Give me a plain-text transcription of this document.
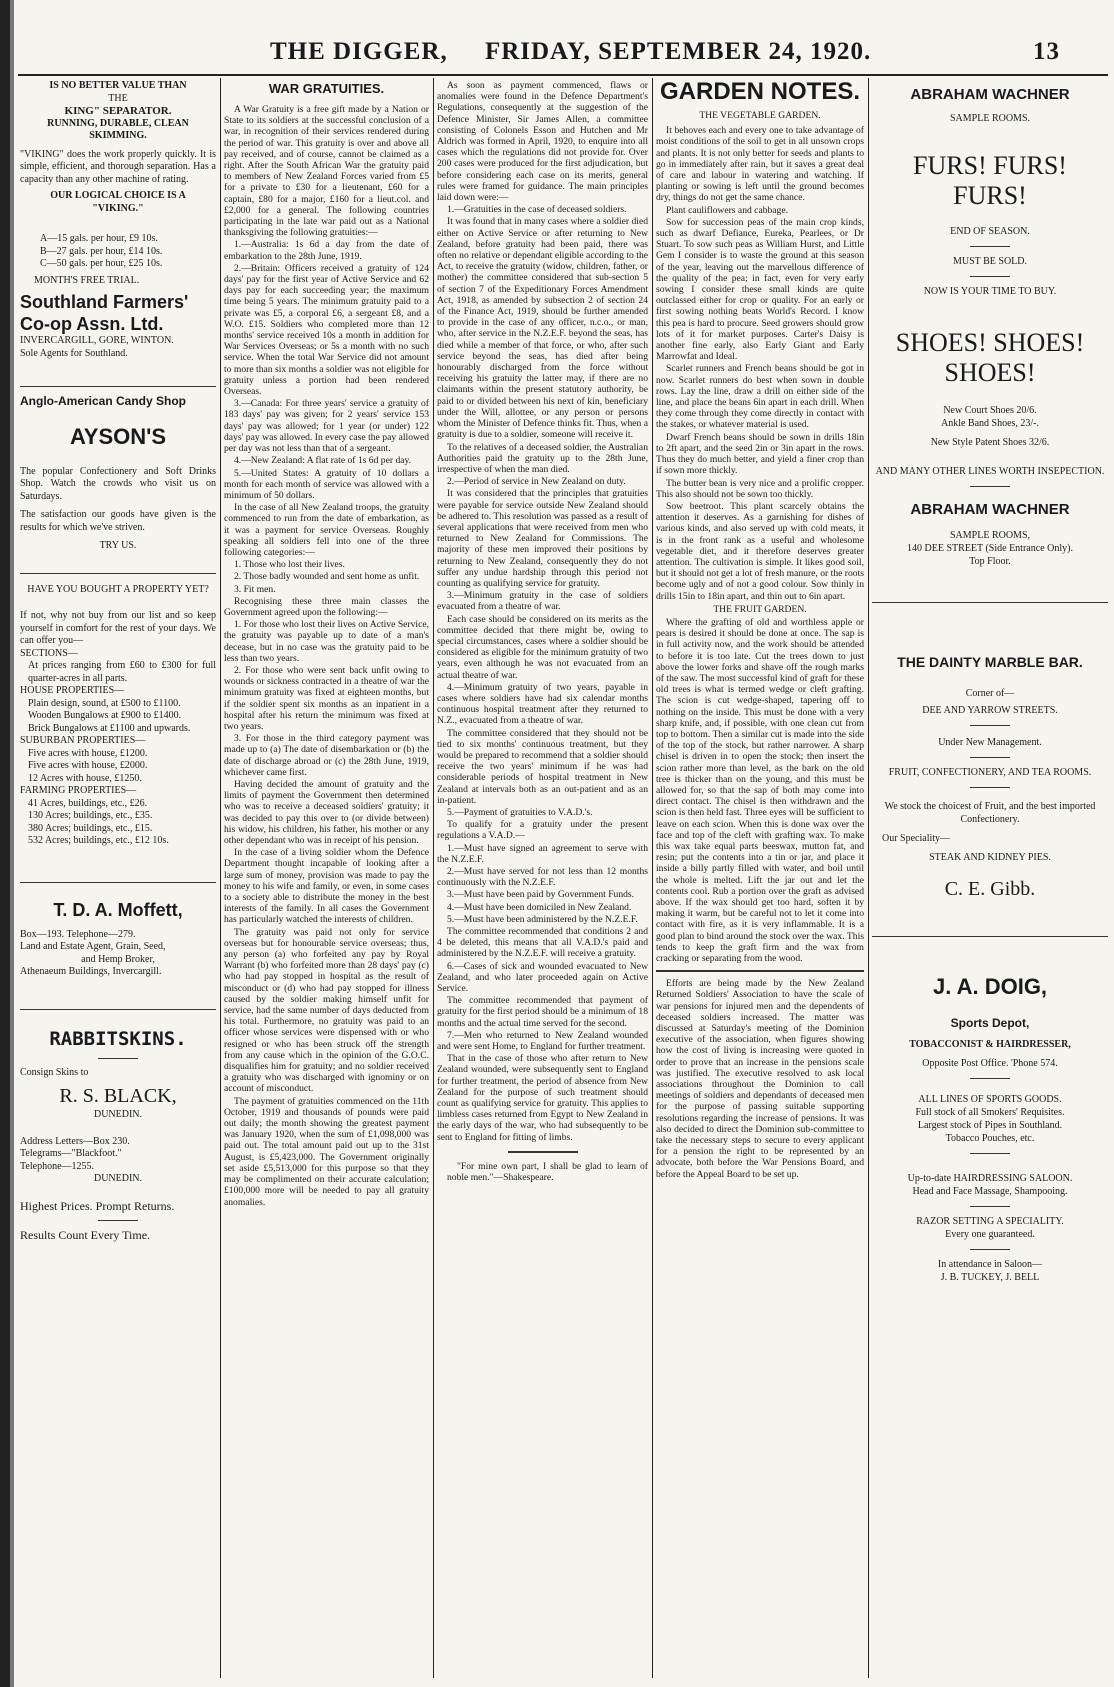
THE DIGGER, FRIDAY, SEPTEMBER 24, 1920.	13
IS NO BETTER VALUE THAN
THE
KING" SEPARATOR.
RUNNING, DURABLE, CLEAN SKIMMING.
"VIKING" does the work properly quickly. It is simple, efficient, and thorough separation. Has a capacity than any other machine of rating.
OUR LOGICAL CHOICE IS A
"VIKING."
A—15 gals. per hour, £9 10s.
B—27 gals. per hour, £14 10s.
C—50 gals. per hour, £25 10s.
MONTH'S FREE TRIAL.
Southland Farmers'
Co-op Assn. Ltd.
INVERCARGILL, GORE, WINTON.
Sole Agents for Southland.
Anglo-American Candy Shop
AYSON'S
The popular Confectionery and Soft Drinks Shop. Watch the crowds who visit us on Saturdays.
The satisfaction our goods have given is the results for which we've striven.
TRY US.
HAVE YOU BOUGHT A PROPERTY YET?
If not, why not buy from our list and so keep yourself in comfort for the rest of your days. We can offer you—
SECTIONS—
At prices ranging from £60 to £300 for full quarter-acres in all parts.
HOUSE PROPERTIES—
Plain design, sound, at £500 to £1100.
Wooden Bungalows at £900 to £1400.
Brick Bungalows at £1100 and upwards.
SUBURBAN PROPERTIES—
Five acres with house, £1200.
Five acres with house, £2000.
12 Acres with house, £1250.
FARMING PROPERTIES—
41 Acres, buildings, etc., £26.
130 Acres; buildings, etc., £35.
380 Acres; buildings, etc., £15.
532 Acres; buildings, etc., £12 10s.
T. D. A. Moffett,
Box—193. Telephone—279.
Land and Estate Agent, Grain, Seed,
and Hemp Broker,
Athenaeum Buildings, Invercargill.
RABBITSKINS.
Consign Skins to
R. S. BLACK,
DUNEDIN.
Address Letters—Box 230.
Telegrams—"Blackfoot."
Telephone—1255.
DUNEDIN.
Highest Prices. Prompt Returns.
Results Count Every Time.
WAR GRATUITIES.

A War Gratuity is a free gift made by a Nation or State to its soldiers at the successful conclusion of a war, in recognition of their services rendered during the period of war. This gratuity is over and above all pay received, and of course, cannot be claimed as a right. After the South African War the gratuity paid to members of New Zealand Forces varied from £5 for a private to £30 for a lieutenant, £60 for a captain, £80 for a major, £160 for a lieut.col. and £2,000 for a general. The following countries participating in the late war paid out as a National thanksgiving the following gratuities:—

1.—Australia: 1s 6d a day from the date of embarkation to the 28th June, 1919.

2.—Britain: Officers received a gratuity of 124 days' pay for the first year of Active Service and 62 days pay for each succeeding year; the maximum time being 5 years. The minimum gratuity paid to a private was £5, a corporal £6, a sergeant £8, and a W.O. £15. Soldiers who completed more than 12 months' service received 10s a month in addition for War Services Overseas; or 5s a month with no such service. When the total War Service did not amount to more than six months a soldier was not eligible for gratuity unless a portion had been rendered Overseas.

3.—Canada: For three years' service a gratuity of 183 days' pay was given; for 2 years' service 153 days' pay was allowed; for 1 year (or under) 122 days' pay was allowed. In every case the pay allowed per day was not less than that of a sergeant.

4.—New Zealand: A flat rate of 1s 6d per day.

5.—United States: A gratuity of 10 dollars a month for each month of service was allowed with a minimum of 50 dollars.

In the case of all New Zealand troops, the gratuity commenced to run from the date of embarkation, as it was a payment for service Overseas. Roughly speaking all soldiers fell into one of the three following categories:—

1. Those who lost their lives.

2. Those badly wounded and sent home as unfit.

3. Fit men.

Recognising these three main classes the Government agreed upon the following:—

1. For those who lost their lives on Active Service, the gratuity was payable up to date of a man's decease, but in no case was the gratuity paid to be less than two years.

2. For those who were sent back unfit owing to wounds or sickness contracted in a theatre of war the minimum gratuity was fixed at eighteen months, but if the soldier spent six months as an inpatient in a hospital after his return the minimum was fixed at two years.

3. For those in the third category payment was made up to (a) The date of disembarkation or (b) the date of discharge abroad or (c) the 28th June, 1919, whichever came first.

Having decided the amount of gratuity and the limits of payment the Government then determined who was to receive a deceased soldiers' gratuity; it was decided to pay this over to (or divide between) his widow, his children, his father, his mother or any other dependant who was in receipt of his pension.

In the case of a living soldier whom the Defence Department thought incapable of looking after a large sum of money, provision was made to pay the money to his wife and family, or even, in some cases to a society able to distribute the money in the best interests of the family. In all cases the Government has particularly watched the interests of children.

The gratuity was paid not only for service overseas but for honourable service overseas; thus, any person (a) who forfeited any pay by Royal Warrant (b) who forfeited more than 28 days' pay (c) who had pay stopped in hospital as the result of misconduct or (d) who had pay stopped for illness caused by the soldier making himself unfit for service, had the same number of days deducted from his total. Furthermore, no gratuity was paid to an officer whose services were dispensed with or who resigned or who has been struck off the strength from any cause which in the opinion of the G.O.C. disqualifies him for gratuity; and no soldier received a gratuity who was discharged with ignominy or on account of misconduct.

The payment of gratuities commenced on the 11th October, 1919 and thousands of pounds were paid out daily; the month showing the greatest payment was January 1920, when the sum of £1,098,000 was paid out. The total amount paid out up to the 31st August, is £5,423,000. The Government originally set aside £5,513,000 for this purpose so that they may be complimented on their accurate calculation; £100,000 more will be needed to pay all gratuity anomalies.

As soon as payment commenced, flaws or anomalies were found in the Defence Department's Regulations, consequently at the suggestion of the Defence Minister, Sir James Allen, a committee consisting of Colonels Esson and Hutchen and Mr Aldrich was formed in April, 1920, to enquire into all cases which the regulations did not provide for. Over 200 cases were produced for the first adjudication, but before considering each case on its merits, general rules were framed for guidance. The main principles laid down were:—

1.—Gratuities in the case of deceased soldiers.

It was found that in many cases where a soldier died either on Active Service or after returning to New Zealand, before gratuity had been paid, there was often no relative or dependant eligible according to the Act, to receive the gratuity (widow, children, father, or mother) the committee considered that sub-section 5 of section 7 of the Expeditionary Forces Amendment Act, 1918, as amended by subsection 2 of section 24 of the Finance Act, 1919, should be further amended to provide in the case of any officer, n.c.o., or man, who, after service in the N.Z.E.F. beyond the seas, has died while a member of that force, or who, after such service beyond the seas, has died after being honourably discharged from the force without receiving his gratuity the latter may, if there are no claimants within the present statutory authority, be paid to or divided between his next of kin, beneficiary under the Will, allottee, or any person or persons whom the Minister of Defence thinks fit. Thus, when a gratuity is due to a soldier, someone will receive it.

To the relatives of a deceased soldier, the Australian Authorities paid the gratuity up to the 28th June, irrespective of when the man died.

2.—Period of service in New Zealand on duty.

It was considered that the principles that gratuities were payable for service outside New Zealand should be adhered to. This resolution was passed as a result of several applications that were received from men who returned to New Zealand for Commissions. The majority of these men improved their positions by returning to New Zealand, consequently they do not suffer any undue hardship through this period not counting as qualifying service for gratuity.

3.—Minimum gratuity in the case of soldiers evacuated from a theatre of war.

Each case should be considered on its merits as the committee decided that there might be, owing to special circumstances, cases where a soldier should be considered as eligible for the minimum gratuity of two years, even although he was not evacuated from an actual theatre of war.

4.—Minimum gratuity of two years, payable in cases where soldiers have had six calendar months continuous hospital treatment after they returned to N.Z., evacuated from a theatre of war.

The committee considered that they should not be tied to six months' continuous treatment, but they would be prepared to recommend that a soldier should receive the two years' minimum if he was had considerable periods of hospital treatment in New Zealand at intervals both as an out-patient and as an in-patient.

5.—Payment of gratuities to V.A.D.'s.

To qualify for a gratuity under the present regulations a V.A.D.—

1.—Must have signed an agreement to serve with the N.Z.E.F.

2.—Must have served for not less than 12 months continuously with the N.Z.E.F.

3.—Must have been paid by Government Funds.

4.—Must have been domiciled in New Zealand.

5.—Must have been administered by the N.Z.E.F.

The committee recommended that conditions 2 and 4 be deleted, this means that all V.A.D.'s paid and administered by the N.Z.E.F. will receive a gratuity.

6.—Cases of sick and wounded evacuated to New Zealand, and who later proceeded again on Active Service.

The committee recommended that payment of gratuity for the first period should be a minimum of 18 months and the actual time served for the second.

7.—Men who returned to New Zealand wounded and were sent Home, to England for further treatment.

That in the case of those who after return to New Zealand wounded, were subsequently sent to England for further treatment, the period of absence from New Zealand for the purpose of such treatment should count as qualifying service for gratuity. This applies to limbless cases returned from Egypt to New Zealand in the early days of the war, who had subsequently to be sent to England for fitting of limbs.

"For mine own part, I shall be glad to learn of noble men."—Shakespeare.

GARDEN NOTES.
THE VEGETABLE GARDEN.

It behoves each and every one to take advantage of moist conditions of the soil to get in all unsown crops and plants. It is not only better for seeds and plants to go in immediately after rain, but it saves a great deal of care and labour in watering and watching. If planting or sowing is left until the ground becomes dry, things do not get the same chance.

Plant cauliflowers and cabbage.

Sow for succession peas of the main crop kinds, such as dwarf Defiance, Eureka, Pearlees, or Dr Stuart. To sow such peas as William Hurst, and Little Gem I consider is to waste the ground at this season of the year, leaving out the marvellous difference of the quality of the pea; in fact, even for very early sowing I consider these small kinds are quite outclassed either for crop or quality. For an early or first sowing nothing beats World's Record. I know this pea is hard to procure. Seed growers should grow lots of it for market purposes. Carter's Daisy is another fine early, also Early Giant and Early Marrowfat and Ideal.

Scarlet runners and French beans should be got in now. Scarlet runners do best when sown in double rows. Lay the line, draw a drill on either side of the line, and place the beans 6in apart in each drill. When they come through they come directly in contact with the stakes, or whatever material is used.

Dwarf French beans should be sown in drills 18in to 2ft apart, and the seed 2in or 3in apart in the rows. Thus they do much better, and yield a finer crop than if sown more thickly.

The butter bean is very nice and a prolific cropper. This also should not be sown too thickly.

Sow beetroot. This plant scarcely obtains the attention it deserves. As a garnishing for dishes of various kinds, and also served up with cold meats, it is in the front rank as a useful and wholesome vegetable diet, and it therefore deserves greater attention. The cultivation is simple. It likes good soil, but it should not get a lot of fresh manure, or the roots become ugly and of not a good colour. Sow thinly in drills 15in to 18in apart, and thin out to 6in apart.

THE FRUIT GARDEN.

Where the grafting of old and worthless apple or pears is desired it should be done at once. The sap is in full activity now, and the work should be attended to before it is too late. Cut the trees down to just above the lower forks and shave off the rough marks of the saw. The most successful kind of graft for these old trees is what is termed wedge or cleft grafting. The scion is cut wedge-shaped, tapering off to nothing on the inside. This must be done with a very sharp knife, and, if possible, with one clean cut from top to bottom. Then a similar cut is made into the side of the top of the stock, but rather narrower. A sharp chisel is driven in to open the stock; then insert the scion rather more than level, as the bark on the old tree is thicker than on the young, and this must be allowed for, so that the sap of both may come into direct contact. The chisel is then withdrawn and the scion is then held fast. Three eyes will be sufficient to leave on each scion. When this is done wax over the face and top of the cleft with grafting wax. To make this wax take equal parts beeswax, mutton fat, and resin; put the contents into a tin or jar, and place it inside a billy partly filled with water, and boil until the whole is melted. Lift the jar out and let the contents cool. Rub a portion over the graft as advised above. If the wax should get too hard, soften it by making it warm, but be careful not to let it come into contact with fire, as it is very inflammable. It is a good plan to bind around the stock over the wax. This tends to keep the graft firm and the wax from cracking or separating from the wood.

Efforts are being made by the New Zealand Returned Soldiers' Association to have the scale of war pensions for injured men and the dependents of deceased soldiers increased. The matter was discussed at Saturday's meeting of the Dominion executive of the association, when figures showing how the cost of living is increasing were quoted in order to prove that an increase in the pensions scale was justified. The executive resolved to ask local associations throughout the Dominion to call meetings of soldiers and dependants of deceased men for the purpose of passing suitable supporting resolutions regarding the increase of pensions. It was also decided to direct the Dominion sub-committee to take the necessary steps to secure to every applicant for a pension the right to be represented by an advocate, both before the War Pensions Board, and before the Appeal Board to be set up.

ABRAHAM WACHNER
SAMPLE ROOMS.
FURS! FURS!
FURS!
END OF SEASON.
MUST BE SOLD.
NOW IS YOUR TIME TO BUY.
SHOES! SHOES!
SHOES!
New Court Shoes 20/6.
Ankle Band Shoes, 23/-.
New Style Patent Shoes 32/6.
AND MANY OTHER LINES WORTH INSEPECTION.
ABRAHAM WACHNER
SAMPLE ROOMS,
140 DEE STREET (Side Entrance Only).
Top Floor.
THE DAINTY MARBLE BAR.
Corner of—
DEE AND YARROW STREETS.
Under New Management.
FRUIT, CONFECTIONERY, AND TEA ROOMS.
We stock the choicest of Fruit, and the best imported Confectionery.
Our Speciality—
STEAK AND KIDNEY PIES.
C. E. Gibb.
J. A. DOIG,
Sports Depot,
TOBACCONIST & HAIRDRESSER,
Opposite Post Office. 'Phone 574.
ALL LINES OF SPORTS GOODS.
Full stock of all Smokers' Requisites.
Largest stock of Pipes in Southland.
Tobacco Pouches, etc.
Up-to-date HAIRDRESSING SALOON.
Head and Face Massage, Shampooing.
RAZOR SETTING A SPECIALITY.
Every one guaranteed.
In attendance in Saloon—
J. B. TUCKEY, J. BELL
